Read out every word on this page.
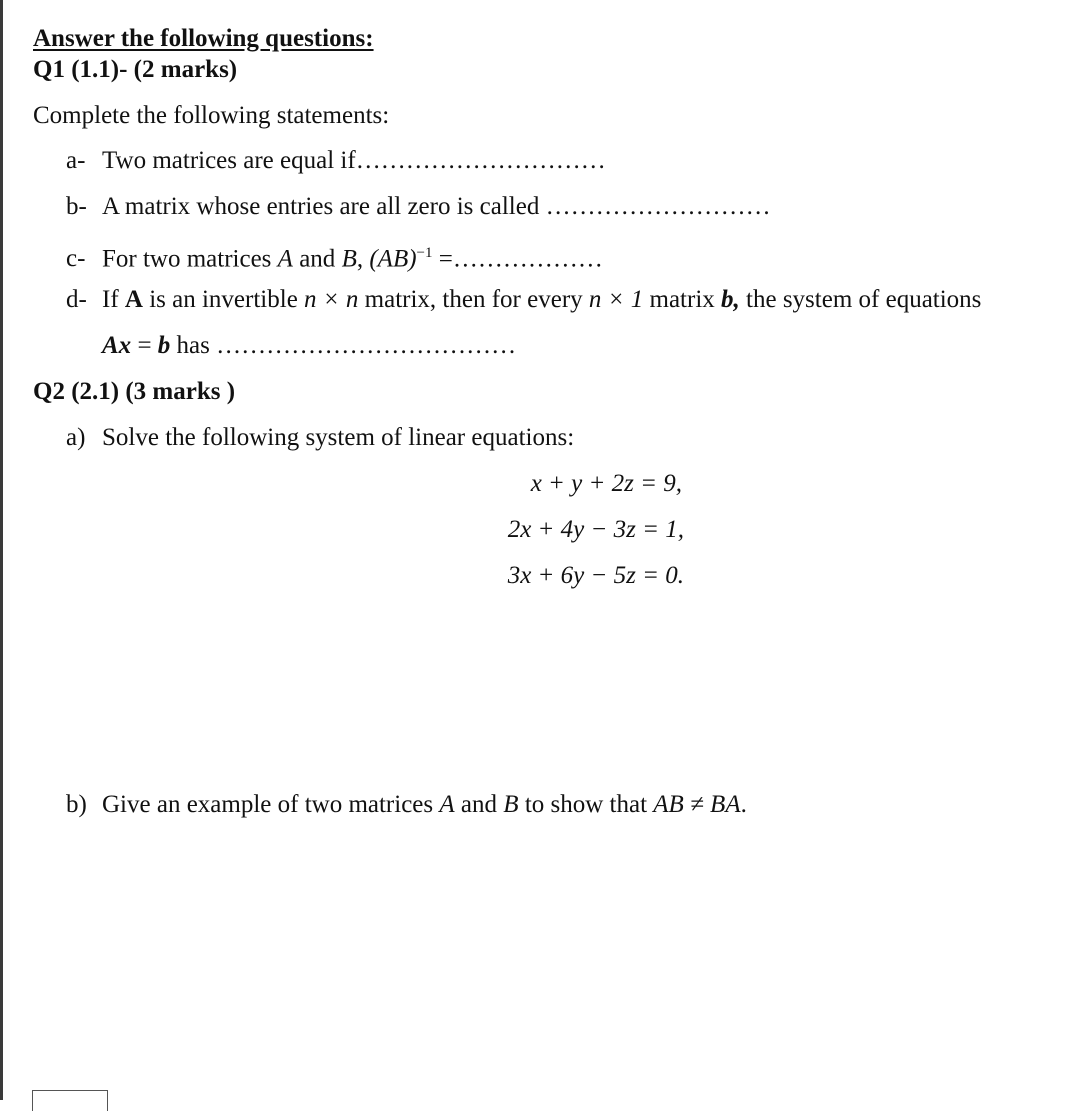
Answer the following questions:
Q1 (1.1)- (2 marks)
Complete the following statements:
a- Two matrices are equal if…………………………
b- A matrix whose entries are all zero is called ………………………
c- For two matrices A and B, (AB)$^{-1}$ =………………
d- If A is an invertible n × n matrix, then for every n × 1 matrix b, the system of equations
Ax = b has ………………………………
Q2 (2.1) (3 marks )
a) Solve the following system of linear equations:
x + y + 2z = 9,
2x + 4y − 3z = 1,
3x + 6y − 5z = 0.
b) Give an example of two matrices A and B to show that AB ≠ BA.
